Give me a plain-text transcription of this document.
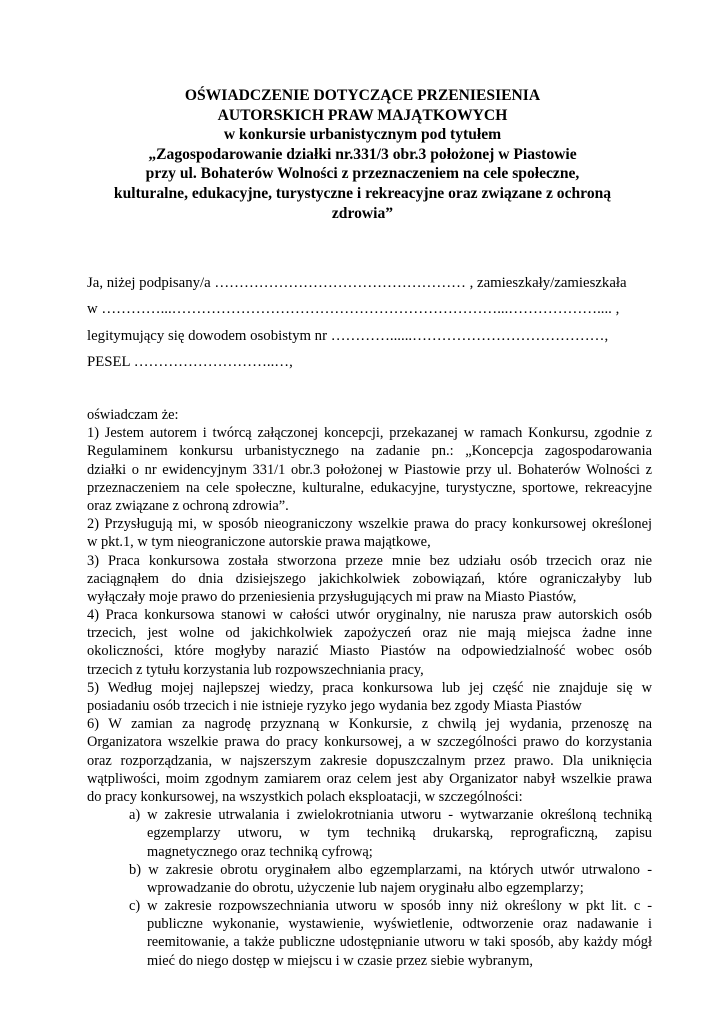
OŚWIADCZENIE DOTYCZĄCE PRZENIESIENIA
AUTORSKICH PRAW MAJĄTKOWYCH
w konkursie urbanistycznym pod tytułem
„Zagospodarowanie działki nr.331/3 obr.3 położonej w Piastowie
przy ul. Bohaterów Wolności z przeznaczeniem na cele społeczne,
kulturalne, edukacyjne, turystyczne i rekreacyjne oraz związane z ochroną
zdrowia”
Ja, niżej podpisany/a …………………………………………… , zamieszkały/zamieszkała
w …………...…………………………………………………………...……………….... ,
legitymujący się dowodem osobistym nr …………......…………………………………,
PESEL ………………………..…,
oświadczam że:
1) Jestem autorem i twórcą załączonej koncepcji, przekazanej w ramach Konkursu, zgodnie z
Regulaminem konkursu urbanistycznego na zadanie pn.: „Koncepcja zagospodarowania
działki o nr ewidencyjnym 331/1 obr.3 położonej w Piastowie przy ul. Bohaterów Wolności z
przeznaczeniem na cele społeczne, kulturalne, edukacyjne, turystyczne, sportowe, rekreacyjne
oraz związane z ochroną zdrowia”.
2) Przysługują mi, w sposób nieograniczony wszelkie prawa do pracy konkursowej określonej
w pkt.1, w tym nieograniczone autorskie prawa majątkowe,
3) Praca konkursowa została stworzona przeze mnie bez udziału osób trzecich oraz nie
zaciągnąłem do dnia dzisiejszego jakichkolwiek zobowiązań, które ograniczałyby lub
wyłączały moje prawo do przeniesienia przysługujących mi praw na Miasto Piastów,
4) Praca konkursowa stanowi w całości utwór oryginalny, nie narusza praw autorskich osób
trzecich, jest wolne od jakichkolwiek zapożyczeń oraz nie mają miejsca żadne inne
okoliczności, które mogłyby narazić Miasto Piastów na odpowiedzialność wobec osób
trzecich z tytułu korzystania lub rozpowszechniania pracy,
5) Według mojej najlepszej wiedzy, praca konkursowa lub jej część nie znajduje się w
posiadaniu osób trzecich i nie istnieje ryzyko jego wydania bez zgody Miasta Piastów
6) W zamian za nagrodę przyznaną w Konkursie, z chwilą jej wydania, przenoszę na
Organizatora wszelkie prawa do pracy konkursowej, a w szczególności prawo do korzystania
oraz rozporządzania, w najszerszym zakresie dopuszczalnym przez prawo. Dla uniknięcia
wątpliwości, moim zgodnym zamiarem oraz celem jest aby Organizator nabył wszelkie prawa
do pracy konkursowej, na wszystkich polach eksploatacji, w szczególności:
a) w zakresie utrwalania i zwielokrotniania utworu - wytwarzanie określoną techniką
egzemplarzy utworu, w tym techniką drukarską, reprograficzną, zapisu
magnetycznego oraz techniką cyfrową;
b) w zakresie obrotu oryginałem albo egzemplarzami, na których utwór utrwalono -
wprowadzanie do obrotu, użyczenie lub najem oryginału albo egzemplarzy;
c) w zakresie rozpowszechniania utworu w sposób inny niż określony w pkt lit. c -
publiczne wykonanie, wystawienie, wyświetlenie, odtworzenie oraz nadawanie i
reemitowanie, a także publiczne udostępnianie utworu w taki sposób, aby każdy mógł
mieć do niego dostęp w miejscu i w czasie przez siebie wybranym,
